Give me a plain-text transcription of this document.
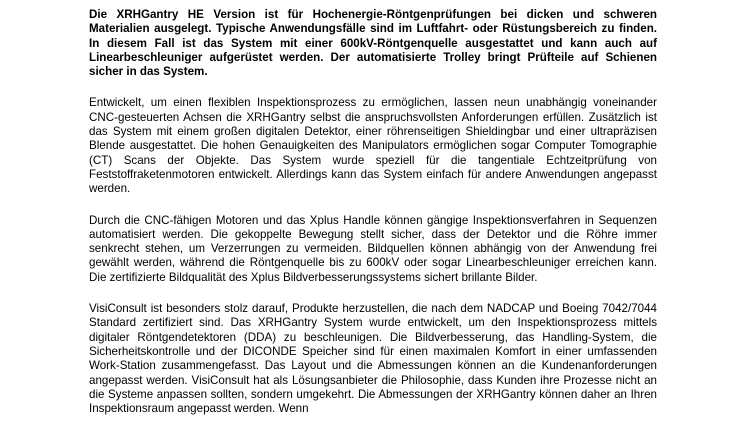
Die XRHGantry HE Version ist für Hochenergie-Röntgenprüfungen bei dicken und schweren Materialien ausgelegt. Typische Anwendungsfälle sind im Luftfahrt- oder Rüstungsbereich zu finden. In diesem Fall ist das System mit einer 600kV-Röntgenquelle ausgestattet und kann auch auf Linearbeschleuniger aufgerüstet werden. Der automatisierte Trolley bringt Prüfteile auf Schienen sicher in das System.

Entwickelt, um einen flexiblen Inspektionsprozess zu ermöglichen, lassen neun unabhängig voneinander CNC-gesteuerten Achsen die XRHGantry selbst die anspruchsvollsten Anforderungen erfüllen. Zusätzlich ist das System mit einem großen digitalen Detektor, einer röhrenseitigen Shieldingbar und einer ultrapräzisen Blende ausgestattet. Die hohen Genauigkeiten des Manipulators ermöglichen sogar Computer Tomographie (CT) Scans der Objekte. Das System wurde speziell für die tangentiale Echtzeitprüfung von Feststoffraketenmotoren entwickelt. Allerdings kann das System einfach für andere Anwendungen angepasst werden.

Durch die CNC-fähigen Motoren und das Xplus Handle können gängige Inspektionsverfahren in Sequenzen automatisiert werden. Die gekoppelte Bewegung stellt sicher, dass der Detektor und die Röhre immer senkrecht stehen, um Verzerrungen zu vermeiden. Bildquellen können abhängig von der Anwendung frei gewählt werden, während die Röntgenquelle bis zu 600kV oder sogar Linearbeschleuniger erreichen kann. Die zertifizierte Bildqualität des Xplus Bildverbesserungssystems sichert brillante Bilder.

VisiConsult ist besonders stolz darauf, Produkte herzustellen, die nach dem NADCAP und Boeing 7042/7044 Standard zertifiziert sind. Das XRHGantry System wurde entwickelt, um den Inspektionsprozess mittels digitaler Röntgendetektoren (DDA) zu beschleunigen. Die Bildverbesserung, das Handling-System, die Sicherheitskontrolle und der DICONDE Speicher sind für einen maximalen Komfort in einer umfassenden Work-Station zusammengefasst. Das Layout und die Abmessungen können an die Kundenanforderungen angepasst werden. VisiConsult hat als Lösungsanbieter die Philosophie, dass Kunden ihre Prozesse nicht an die Systeme anpassen sollten, sondern umgekehrt. Die Abmessungen der XRHGantry können daher an Ihren Inspektionsraum angepasst werden. Wenn
